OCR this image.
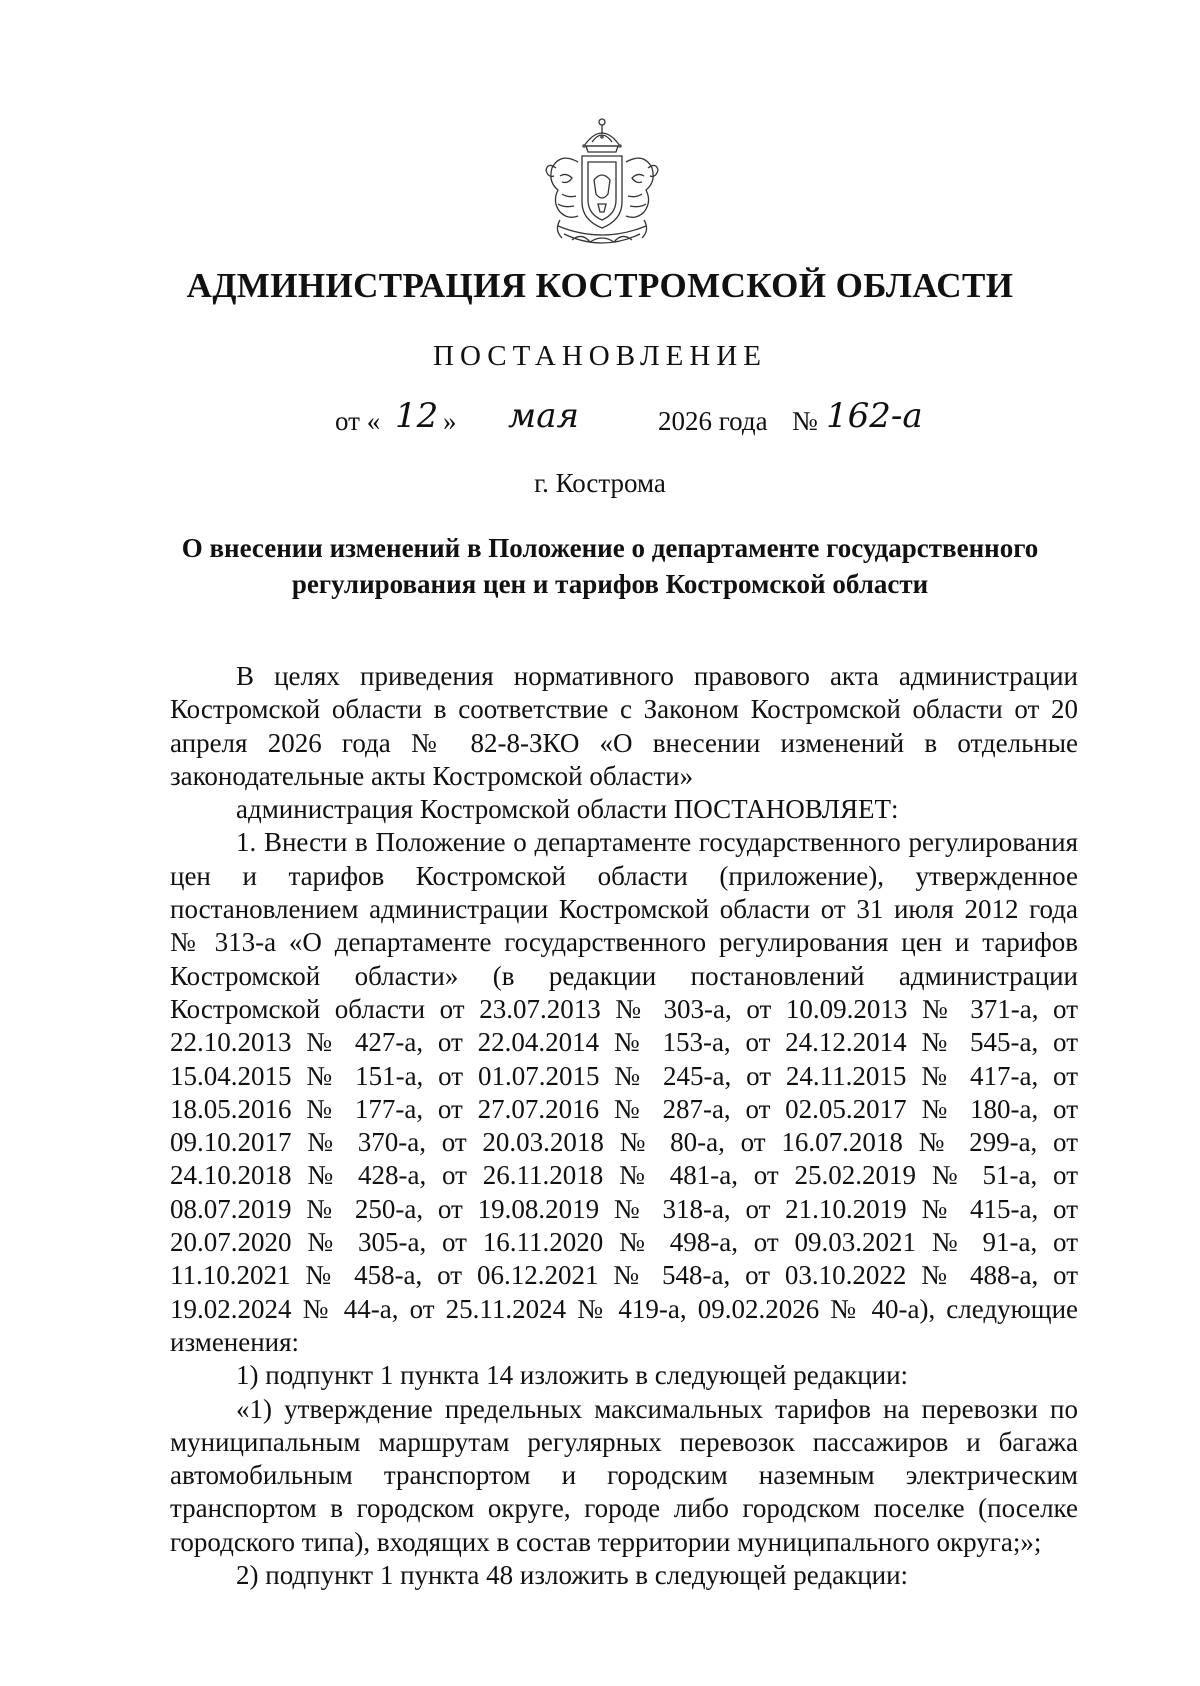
АДМИНИСТРАЦИЯ КОСТРОМСКОЙ ОБЛАСТИ
ПОСТАНОВЛЕНИЕ
от « 12 » мая	2026 года № 162-а
г. Кострома
О внесении изменений в Положение о департаменте государственного регулирования цен и тарифов Костромской области

В целях приведения нормативного правового акта администрации Костромской области в соответствие с Законом Костромской области от 20 апреля 2026 года № 82-8-ЗКО «О внесении изменений в отдельные законодательные акты Костромской области»

администрация Костромской области ПОСТАНОВЛЯЕТ:

1. Внести в Положение о департаменте государственного регулирования цен и тарифов Костромской области (приложение), утвержденное постановлением администрации Костромской области от 31 июля 2012 года № 313-а «О департаменте государственного регулирования цен и тарифов Костромской области» (в редакции постановлений администрации Костромской области от 23.07.2013 № 303-а, от 10.09.2013 № 371-а, от 22.10.2013 № 427-а, от 22.04.2014 № 153-а, от 24.12.2014 № 545-а, от 15.04.2015 № 151-а, от 01.07.2015 № 245-а, от 24.11.2015 № 417-а, от 18.05.2016 № 177-а, от 27.07.2016 № 287-а, от 02.05.2017 № 180-а, от 09.10.2017 № 370-а, от 20.03.2018 № 80-а, от 16.07.2018 № 299-а, от 24.10.2018 № 428-а, от 26.11.2018 № 481-а, от 25.02.2019 № 51-а, от 08.07.2019 № 250-а, от 19.08.2019 № 318-а, от 21.10.2019 № 415-а, от 20.07.2020 № 305-а, от 16.11.2020 № 498-а, от 09.03.2021 № 91-а, от 11.10.2021 № 458-а, от 06.12.2021 № 548-а, от 03.10.2022 № 488-а, от 19.02.2024 № 44-а, от 25.11.2024 № 419-а, 09.02.2026 № 40-а), следующие изменения:

1) подпункт 1 пункта 14 изложить в следующей редакции:

«1) утверждение предельных максимальных тарифов на перевозки по муниципальным маршрутам регулярных перевозок пассажиров и багажа автомобильным транспортом и городским наземным электрическим транспортом в городском округе, городе либо городском поселке (поселке городского типа), входящих в состав территории муниципального округа;»;

2) подпункт 1 пункта 48 изложить в следующей редакции:
